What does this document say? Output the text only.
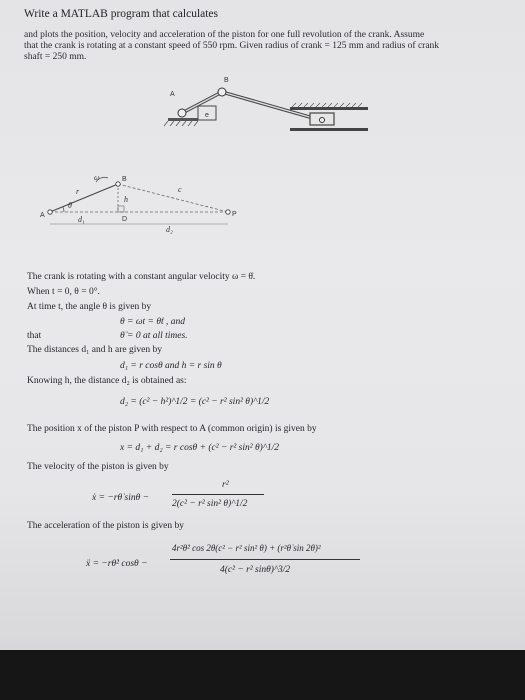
Write a MATLAB program that calculates
and plots the position, velocity and acceleration of the piston for one full revolution of the crank. Assume
that the crank is rotating at a constant speed of 550 rpm. Given radius of crank = 125 mm and radius of crank
shaft = 250 mm.
A
B
e
A
B
P
c
h
D
d₁
d₂
r
ω
θ
The crank is rotating with a constant angular velocity ω = θ̇.
When t = 0, θ = 0°.
At time t, the angle θ is given by
θ = ωt = θ̇t , and
that	θ̈ = 0 at all times.
The distances d₁ and h are given by
d₁ = r cosθ and h = r sin θ
Knowing h, the distance d₂ is obtained as:
d₂ = (c² − h²)^1/2 = (c² − r² sin² θ)^1/2
The position x of the piston P with respect to A (common origin) is given by
x = d₁ + d₂ = r cosθ + (c² − r² sin² θ)^1/2
The velocity of the piston is given by
ẋ = −rθ̇ sinθ −
r²
2(c² − r² sin² θ)^1/2
The acceleration of the piston is given by
ẍ = −rθ̇² cosθ −
4r²θ̇² cos 2θ(c² − r² sin² θ) + (r²θ̇ sin 2θ)²
4(c² − r² sinθ)^3/2
